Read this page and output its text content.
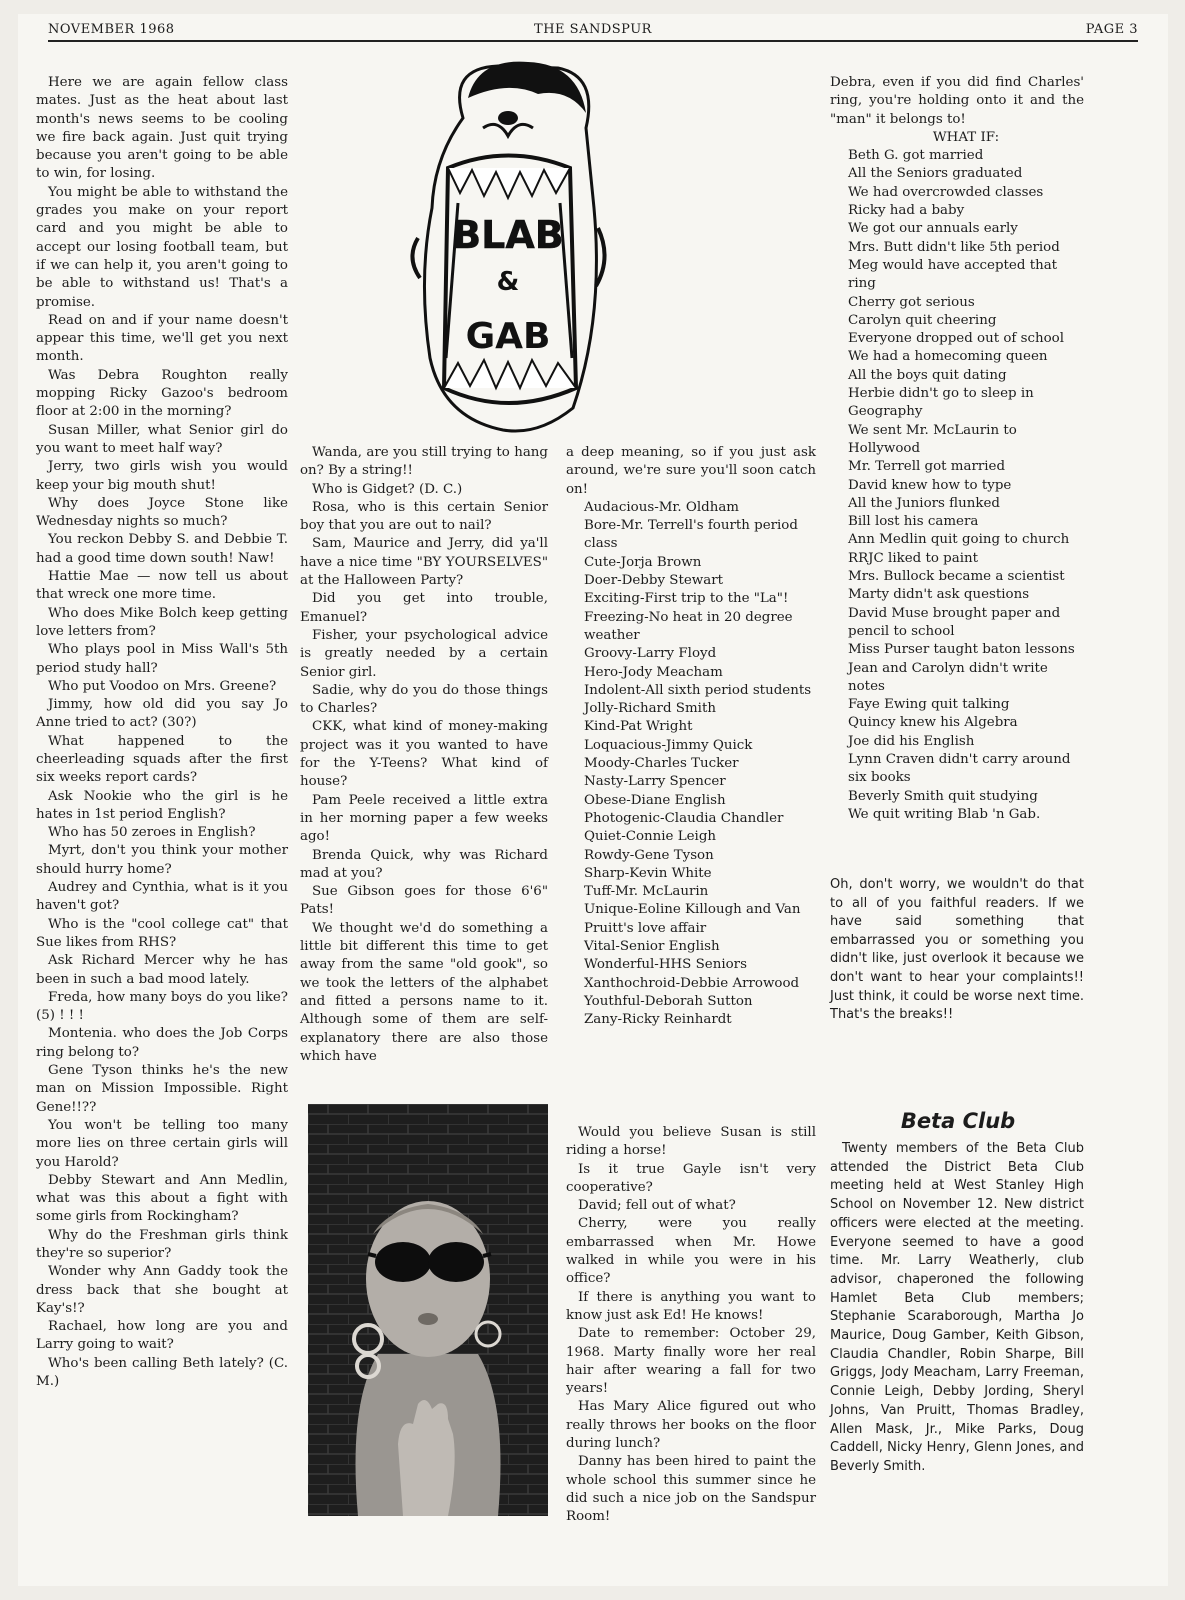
NOVEMBER 1968	THE SANDSPUR	PAGE 3

BLAB
&
GAB

Here we are again fellow class mates. Just as the heat about last month's news seems to be cooling we fire back again. Just quit trying because you aren't going to be able to win, for losing.

You might be able to withstand the grades you make on your report card and you might be able to accept our losing football team, but if we can help it, you aren't going to be able to withstand us! That's a promise.

Read on and if your name doesn't appear this time, we'll get you next month.

Was Debra Roughton really mopping Ricky Gazoo's bedroom floor at 2:00 in the morning?

Susan Miller, what Senior girl do you want to meet half way?

Jerry, two girls wish you would keep your big mouth shut!

Why does Joyce Stone like Wednesday nights so much?

You reckon Debby S. and Debbie T. had a good time down south! Naw!

Hattie Mae — now tell us about that wreck one more time.

Who does Mike Bolch keep getting love letters from?

Who plays pool in Miss Wall's 5th period study hall?

Who put Voodoo on Mrs. Greene?

Jimmy, how old did you say Jo Anne tried to act? (30?)

What happened to the cheerleading squads after the first six weeks report cards?

Ask Nookie who the girl is he hates in 1st period English?

Who has 50 zeroes in English?

Myrt, don't you think your mother should hurry home?

Audrey and Cynthia, what is it you haven't got?

Who is the "cool college cat" that Sue likes from RHS?

Ask Richard Mercer why he has been in such a bad mood lately.

Freda, how many boys do you like? (5) ! ! !

Montenia. who does the Job Corps ring belong to?

Gene Tyson thinks he's the new man on Mission Impossible. Right Gene!!??

You won't be telling too many more lies on three certain girls will you Harold?

Debby Stewart and Ann Medlin, what was this about a fight with some girls from Rockingham?

Why do the Freshman girls think they're so superior?

Wonder why Ann Gaddy took the dress back that she bought at Kay's!?

Rachael, how long are you and Larry going to wait?

Who's been calling Beth lately? (C. M.)

Wanda, are you still trying to hang on? By a string!!

Who is Gidget? (D. C.)

Rosa, who is this certain Senior boy that you are out to nail?

Sam, Maurice and Jerry, did ya'll have a nice time "BY YOURSELVES" at the Halloween Party?

Did you get into trouble, Emanuel?

Fisher, your psychological advice is greatly needed by a certain Senior girl.

Sadie, why do you do those things to Charles?

CKK, what kind of money-making project was it you wanted to have for the Y-Teens? What kind of house?

Pam Peele received a little extra in her morning paper a few weeks ago!

Brenda Quick, why was Richard mad at you?

Sue Gibson goes for those 6'6" Pats!

We thought we'd do something a little bit different this time to get away from the same "old gook", so we took the letters of the alphabet and fitted a persons name to it. Although some of them are self-explanatory there are also those which have

a deep meaning, so if you just ask around, we're sure you'll soon catch on!

Audacious-Mr. Oldham

Bore-Mr. Terrell's fourth period class

Cute-Jorja Brown

Doer-Debby Stewart

Exciting-First trip to the "La"!

Freezing-No heat in 20 degree weather

Groovy-Larry Floyd

Hero-Jody Meacham

Indolent-All sixth period students

Jolly-Richard Smith

Kind-Pat Wright

Loquacious-Jimmy Quick

Moody-Charles Tucker

Nasty-Larry Spencer

Obese-Diane English

Photogenic-Claudia Chandler

Quiet-Connie Leigh

Rowdy-Gene Tyson

Sharp-Kevin White

Tuff-Mr. McLaurin

Unique-Eoline Killough and Van Pruitt's love affair

Vital-Senior English

Wonderful-HHS Seniors

Xanthochroid-Debbie Arrowood

Youthful-Deborah Sutton

Zany-Ricky Reinhardt

Would you believe Susan is still riding a horse!

Is it true Gayle isn't very cooperative?

David; fell out of what?

Cherry, were you really embarrassed when Mr. Howe walked in while you were in his office?

If there is anything you want to know just ask Ed! He knows!

Date to remember: October 29, 1968. Marty finally wore her real hair after wearing a fall for two years!

Has Mary Alice figured out who really throws her books on the floor during lunch?

Danny has been hired to paint the whole school this summer since he did such a nice job on the Sandspur Room!

Debra, even if you did find Charles' ring, you're holding onto it and the "man" it belongs to!

WHAT IF:

Beth G. got married

All the Seniors graduated

We had overcrowded classes

Ricky had a baby

We got our annuals early

Mrs. Butt didn't like 5th period

Meg would have accepted that ring

Cherry got serious

Carolyn quit cheering

Everyone dropped out of school

We had a homecoming queen

All the boys quit dating

Herbie didn't go to sleep in Geography

We sent Mr. McLaurin to Hollywood

Mr. Terrell got married

David knew how to type

All the Juniors flunked

Bill lost his camera

Ann Medlin quit going to church

RRJC liked to paint

Mrs. Bullock became a scientist

Marty didn't ask questions

David Muse brought paper and pencil to school

Miss Purser taught baton lessons

Jean and Carolyn didn't write notes

Faye Ewing quit talking

Quincy knew his Algebra

Joe did his English

Lynn Craven didn't carry around six books

Beverly Smith quit studying

We quit writing Blab 'n Gab.

Oh, don't worry, we wouldn't do that to all of you faithful readers. If we have said something that embarrassed you or something you didn't like, just overlook it because we don't want to hear your complaints!! Just think, it could be worse next time. That's the breaks!!

Beta Club

Twenty members of the Beta Club attended the District Beta Club meeting held at West Stanley High School on November 12. New district officers were elected at the meeting. Everyone seemed to have a good time. Mr. Larry Weatherly, club advisor, chaperoned the following Hamlet Beta Club members; Stephanie Scaraborough, Martha Jo Maurice, Doug Gamber, Keith Gibson, Claudia Chandler, Robin Sharpe, Bill Griggs, Jody Meacham, Larry Freeman, Connie Leigh, Debby Jording, Sheryl Johns, Van Pruitt, Thomas Bradley, Allen Mask, Jr., Mike Parks, Doug Caddell, Nicky Henry, Glenn Jones, and Beverly Smith.
